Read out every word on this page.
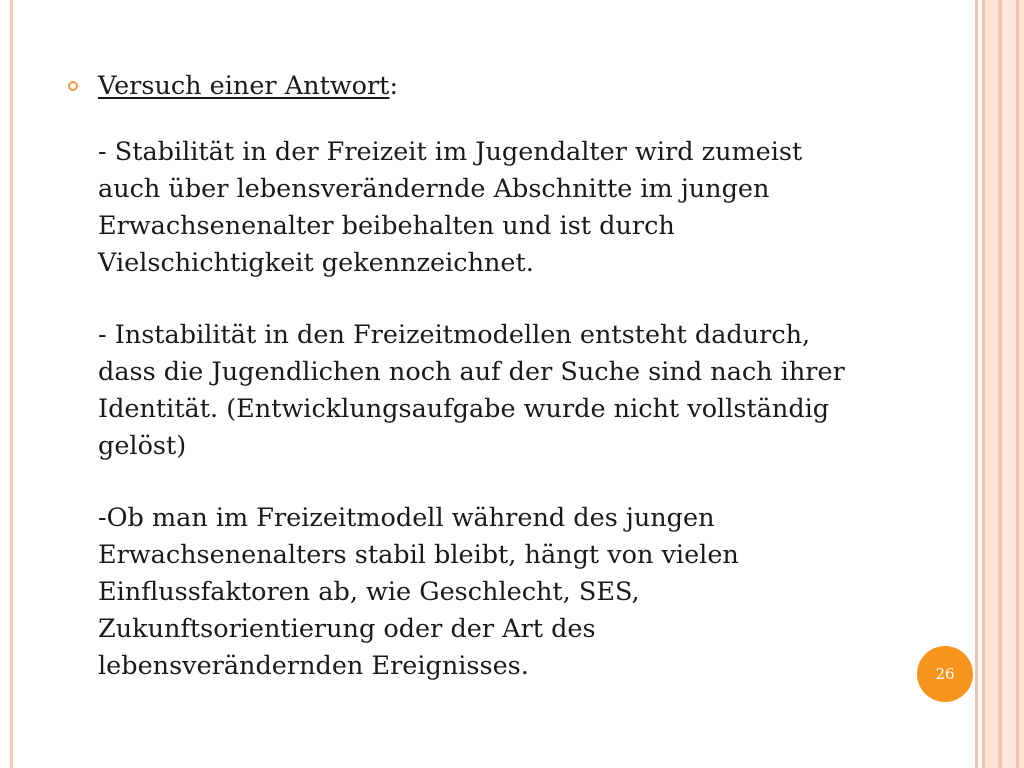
Versuch einer Antwort:
- Stabilität in der Freizeit im Jugendalter wird zumeist auch über lebensverändernde Abschnitte im jungen Erwachsenenalter beibehalten und ist durch Vielschichtigkeit gekennzeichnet.
- Instabilität in den Freizeitmodellen entsteht dadurch, dass die Jugendlichen noch auf der Suche sind nach ihrer Identität. (Entwicklungsaufgabe wurde nicht vollständig gelöst)
-Ob man im Freizeitmodell während des jungen Erwachsenenalters stabil bleibt, hängt von vielen Einflussfaktoren ab, wie Geschlecht, SES, Zukunftsorientierung oder der Art des lebensverändernden Ereignisses.	26
